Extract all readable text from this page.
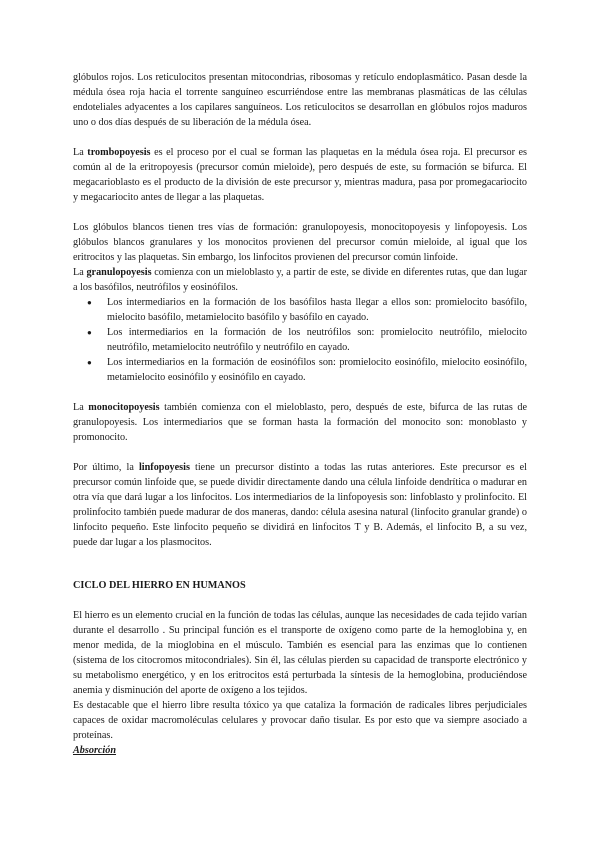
glóbulos rojos. Los reticulocitos presentan mitocondrias, ribosomas y retículo endoplasmático. Pasan desde la médula ósea roja hacia el torrente sanguíneo escurriéndose entre las membranas plasmáticas de las células endoteliales adyacentes a los capilares sanguíneos. Los reticulocitos se desarrollan en glóbulos rojos maduros uno o dos días después de su liberación de la médula ósea.

La trombopoyesis es el proceso por el cual se forman las plaquetas en la médula ósea roja. El precursor es común al de la eritropoyesis (precursor común mieloide), pero después de este, su formación se bifurca. El megacarioblasto es el producto de la división de este precursor y, mientras madura, pasa por promegacariocito y megacariocito antes de llegar a las plaquetas.

Los glóbulos blancos tienen tres vías de formación: granulopoyesis, monocitopoyesis y linfopoyesis. Los glóbulos blancos granulares y los monocitos provienen del precursor común mieloide, al igual que los eritrocitos y las plaquetas. Sin embargo, los linfocitos provienen del precursor común linfoide.

La granulopoyesis comienza con un mieloblasto y, a partir de este, se divide en diferentes rutas, que dan lugar a los basófilos, neutrófilos y eosinófilos.

● Los intermediarios en la formación de los basófilos hasta llegar a ellos son: promielocito basófilo, mielocito basófilo, metamielocito basófilo y basófilo en cayado.
● Los intermediarios en la formación de los neutrófilos son: promielocito neutrófilo, mielocito neutrófilo, metamielocito neutrófilo y neutrófilo en cayado.
● Los intermediarios en la formación de eosinófilos son: promielocito eosinófilo, mielocito eosinófilo, metamielocito eosinófilo y eosinófilo en cayado.

La monocitopoyesis también comienza con el mieloblasto, pero, después de este, bifurca de las rutas de granulopoyesis. Los intermediarios que se forman hasta la formación del monocito son: monoblasto y promonocito.

Por último, la linfopoyesis tiene un precursor distinto a todas las rutas anteriores. Este precursor es el precursor común linfoide que, se puede dividir directamente dando una célula linfoide dendrítica o madurar en otra vía que dará lugar a los linfocitos. Los intermediarios de la linfopoyesis son: linfoblasto y prolinfocito. El prolinfocito también puede madurar de dos maneras, dando: célula asesina natural (linfocito granular grande) o linfocito pequeño. Este linfocito pequeño se dividirá en linfocitos T y B. Además, el linfocito B, a su vez, puede dar lugar a los plasmocitos.

CICLO DEL HIERRO EN HUMANOS

El hierro es un elemento crucial en la función de todas las células, aunque las necesidades de cada tejido varían durante el desarrollo . Su principal función es el transporte de oxígeno como parte de la hemoglobina y, en menor medida, de la mioglobina en el músculo. También es esencial para las enzimas que lo contienen (sistema de los citocromos mitocondriales). Sin él, las células pierden su capacidad de transporte electrónico y su metabolismo energético, y en los eritrocitos está perturbada la síntesis de la hemoglobina, produciéndose anemia y disminución del aporte de oxígeno a los tejidos.

Es destacable que el hierro libre resulta tóxico ya que cataliza la formación de radicales libres perjudiciales capaces de oxidar macromoléculas celulares y provocar daño tisular. Es por esto que va siempre asociado a proteínas.

Absorción
